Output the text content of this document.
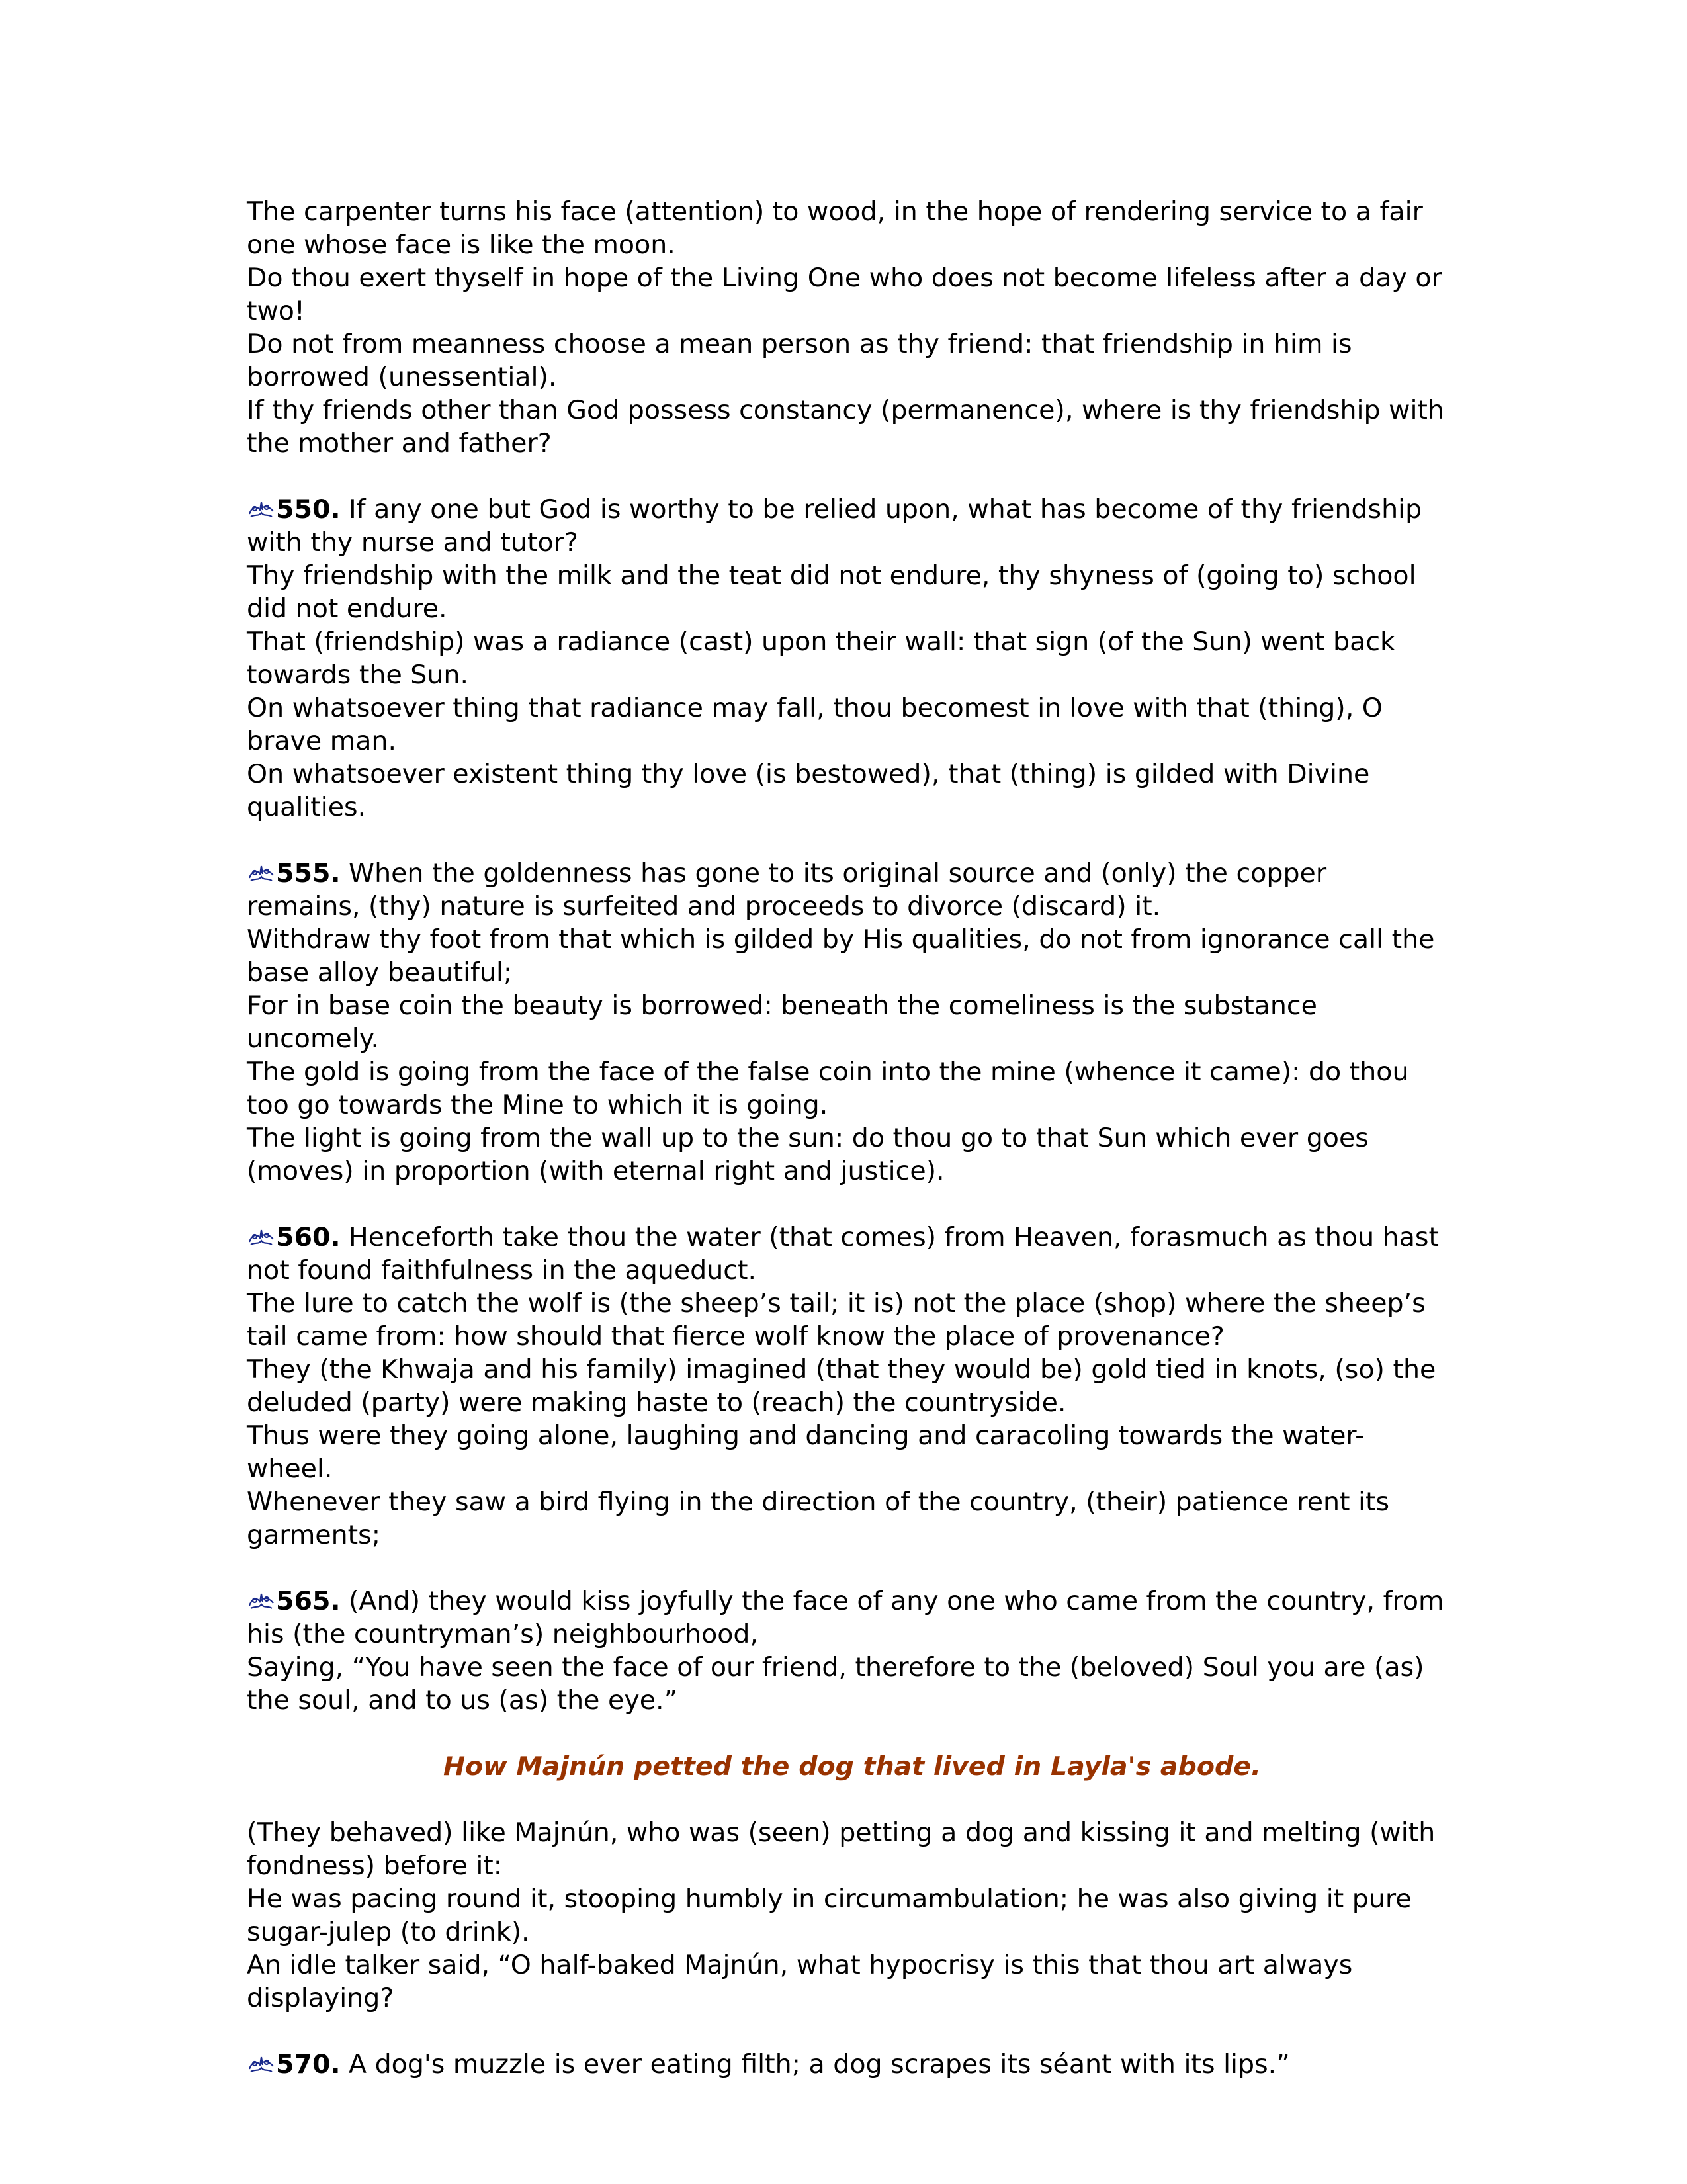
The carpenter turns his face (attention) to wood, in the hope of rendering service to a fair one whose face is like the moon.

Do thou exert thyself in hope of the Living One who does not become lifeless after a day or two!

Do not from meanness choose a mean person as thy friend: that friendship in him is borrowed (unessential).

If thy friends other than God possess constancy (permanence), where is thy friendship with the mother and father?

550. If any one but God is worthy to be relied upon, what has become of thy friendship with thy nurse and tutor?

Thy friendship with the milk and the teat did not endure, thy shyness of (going to) school did not endure.

That (friendship) was a radiance (cast) upon their wall: that sign (of the Sun) went back towards the Sun.

On whatsoever thing that radiance may fall, thou becomest in love with that (thing), O brave man.

On whatsoever existent thing thy love (is bestowed), that (thing) is gilded with Divine qualities.

555. When the goldenness has gone to its original source and (only) the copper remains, (thy) nature is surfeited and proceeds to divorce (discard) it.

Withdraw thy foot from that which is gilded by His qualities, do not from ignorance call the base alloy beautiful;

For in base coin the beauty is borrowed: beneath the comeliness is the substance uncomely.

The gold is going from the face of the false coin into the mine (whence it came): do thou too go towards the Mine to which it is going.

The light is going from the wall up to the sun: do thou go to that Sun which ever goes (moves) in proportion (with eternal right and justice).

560. Henceforth take thou the water (that comes) from Heaven, forasmuch as thou hast not found faithfulness in the aqueduct.

The lure to catch the wolf is (the sheep’s tail; it is) not the place (shop) where the sheep’s tail came from: how should that fierce wolf know the place of provenance?

They (the Khwaja and his family) imagined (that they would be) gold tied in knots, (so) the deluded (party) were making haste to (reach) the countryside.

Thus were they going alone, laughing and dancing and caracoling towards the water-wheel.

Whenever they saw a bird flying in the direction of the country, (their) patience rent its garments;

565. (And) they would kiss joyfully the face of any one who came from the country, from his (the countryman’s) neighbourhood,

Saying, “You have seen the face of our friend, therefore to the (beloved) Soul you are (as) the soul, and to us (as) the eye.”

How Majnún petted the dog that lived in Layla's abode.

(They behaved) like Majnún, who was (seen) petting a dog and kissing it and melting (with fondness) before it:

He was pacing round it, stooping humbly in circumambulation; he was also giving it pure sugar-julep (to drink).

An idle talker said, “O half-baked Majnún, what hypocrisy is this that thou art always displaying?

570. A dog's muzzle is ever eating filth; a dog scrapes its séant with its lips.”
